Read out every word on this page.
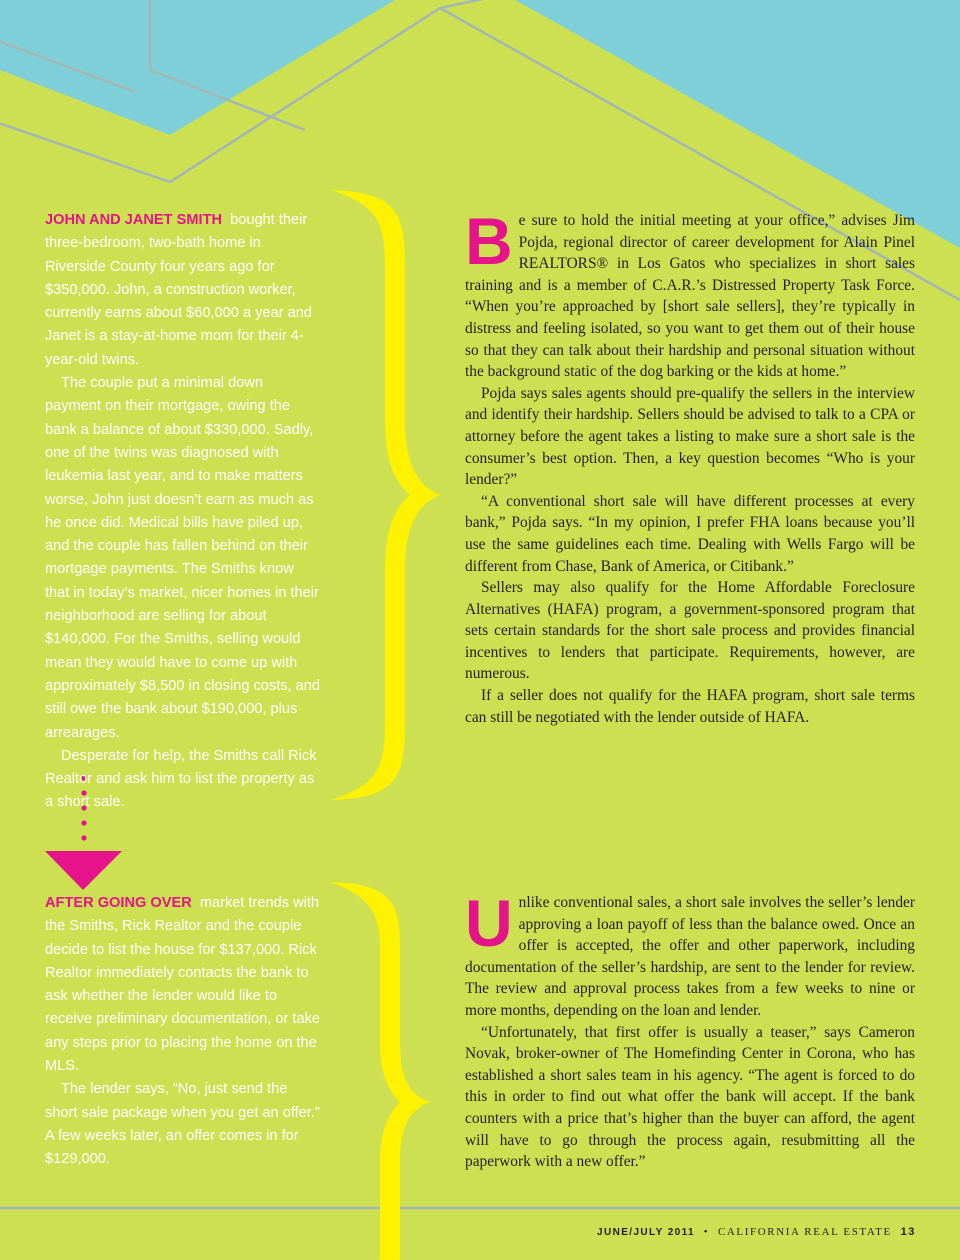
JOHN AND JANET SMITH bought their three-bedroom, two-bath home in Riverside County four years ago for $350,000. John, a construction worker, currently earns about $60,000 a year and Janet is a stay-at-home mom for their 4-year-old twins.

The couple put a minimal down payment on their mortgage, owing the bank a balance of about $330,000. Sadly, one of the twins was diagnosed with leukemia last year, and to make matters worse, John just doesn’t earn as much as he once did. Medical bills have piled up, and the couple has fallen behind on their mortgage payments. The Smiths know that in today’s market, nicer homes in their neighborhood are selling for about $140,000. For the Smiths, selling would mean they would have to come up with approximately $8,500 in closing costs, and still owe the bank about $190,000, plus arrearages.

Desperate for help, the Smiths call Rick Realtor and ask him to list the property as a short sale.

AFTER GOING OVER market trends with the Smiths, Rick Realtor and the couple decide to list the house for $137,000. Rick Realtor immediately contacts the bank to ask whether the lender would like to receive preliminary documentation, or take any steps prior to placing the home on the MLS.

The lender says, “No, just send the short sale package when you get an offer.” A few weeks later, an offer comes in for $129,000.

B e sure to hold the initial meeting at your office,” advises Jim Pojda, regional director of career development for Alain Pinel REALTORS® in Los Gatos who specializes in short sales training and is a member of C.A.R.’s Distressed Property Task Force. “When you’re approached by [short sale sellers], they’re typically in distress and feeling isolated, so you want to get them out of their house so that they can talk about their hardship and personal situation without the background static of the dog barking or the kids at home.”

Pojda says sales agents should pre-qualify the sellers in the interview and identify their hardship. Sellers should be advised to talk to a CPA or attorney before the agent takes a listing to make sure a short sale is the consumer’s best option. Then, a key question becomes “Who is your lender?”

“A conventional short sale will have different processes at every bank,” Pojda says. “In my opinion, I prefer FHA loans because you’ll use the same guidelines each time. Dealing with Wells Fargo will be different from Chase, Bank of America, or Citibank.”

Sellers may also qualify for the Home Affordable Foreclosure Alternatives (HAFA) program, a government-sponsored program that sets certain standards for the short sale process and provides financial incentives to lenders that participate. Requirements, however, are numerous.

If a seller does not qualify for the HAFA program, short sale terms can still be negotiated with the lender outside of HAFA.

U nlike conventional sales, a short sale involves the seller’s lender approving a loan payoff of less than the balance owed. Once an offer is accepted, the offer and other paperwork, including documentation of the seller’s hardship, are sent to the lender for review. The review and approval process takes from a few weeks to nine or more months, depending on the loan and lender.

“Unfortunately, that first offer is usually a teaser,” says Cameron Novak, broker-owner of The Homefinding Center in Corona, who has established a short sales team in his agency. “The agent is forced to do this in order to find out what offer the bank will accept. If the bank counters with a price that’s higher than the buyer can afford, the agent will have to go through the process again, resubmitting all the paperwork with a new offer.”

JUNE/JULY 2011 • CALIFORNIA REAL ESTATE 13
